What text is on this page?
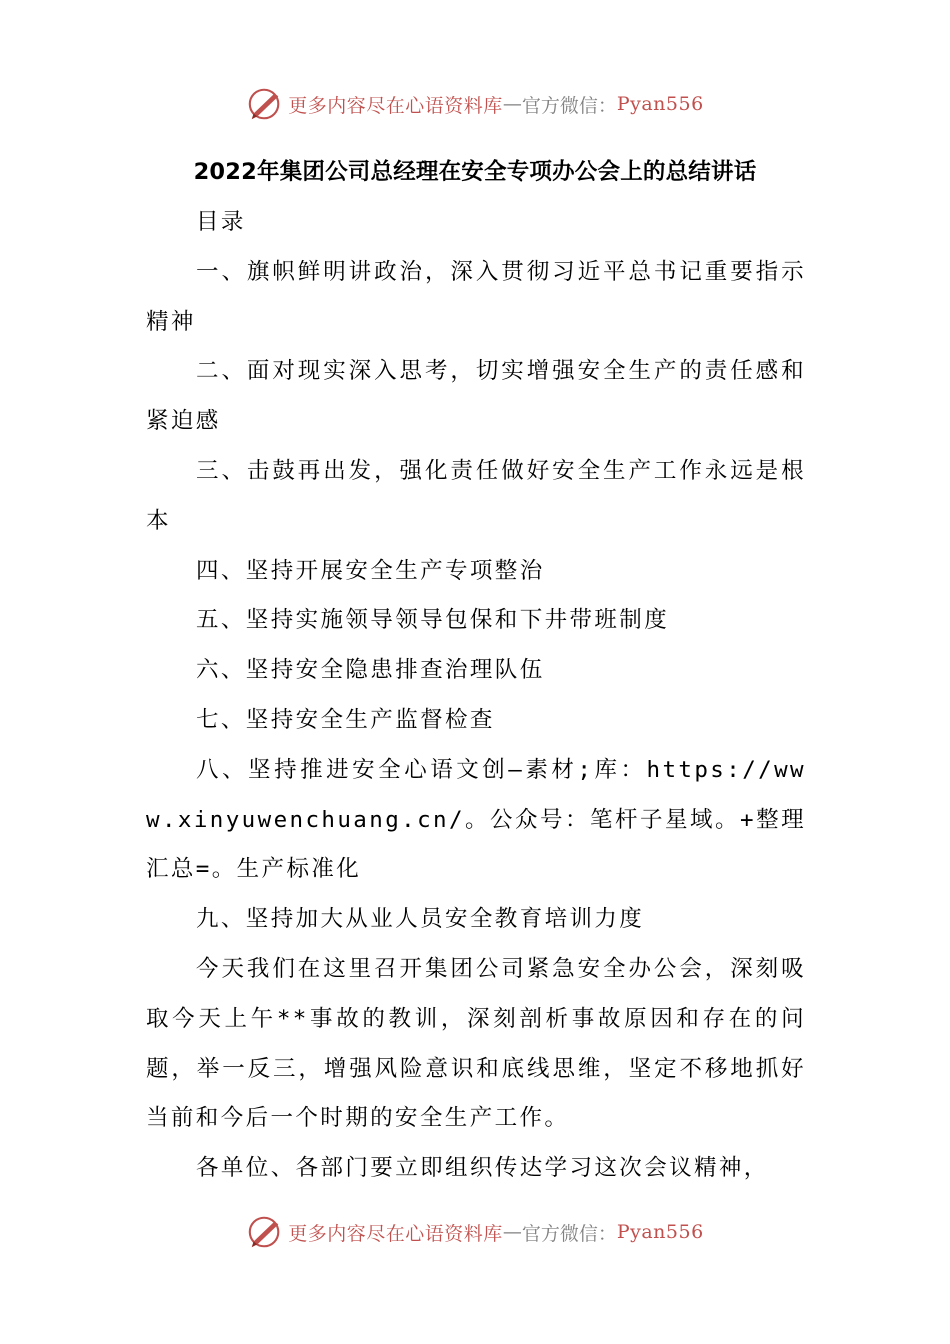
更多内容尽在心语资料库 — 官方微信： Pyan556
2022年集团公司总经理在安全专项办公会上的总结讲话

目录

一、旗帜鲜明讲政治，深入贯彻习近平总书记重要指示精神

二、面对现实深入思考，切实增强安全生产的责任感和紧迫感

三、击鼓再出发，强化责任做好安全生产工作永远是根本

四、坚持开展安全生产专项整治

五、坚持实施领导领导包保和下井带班制度

六、坚持安全隐患排查治理队伍

七、坚持安全生产监督检查

八、坚持推进安全心语文创—素材;库：https://www.xinyuwenchuang.cn/。公众号：笔杆子星域。+整理汇总=。生产标准化

九、坚持加大从业人员安全教育培训力度

今天我们在这里召开集团公司紧急安全办公会，深刻吸取今天上午**事故的教训，深刻剖析事故原因和存在的问题，举一反三，增强风险意识和底线思维，坚定不移地抓好当前和今后一个时期的安全生产工作。

各单位、各部门要立即组织传达学习这次会议精神，

更多内容尽在心语资料库 — 官方微信： Pyan556
